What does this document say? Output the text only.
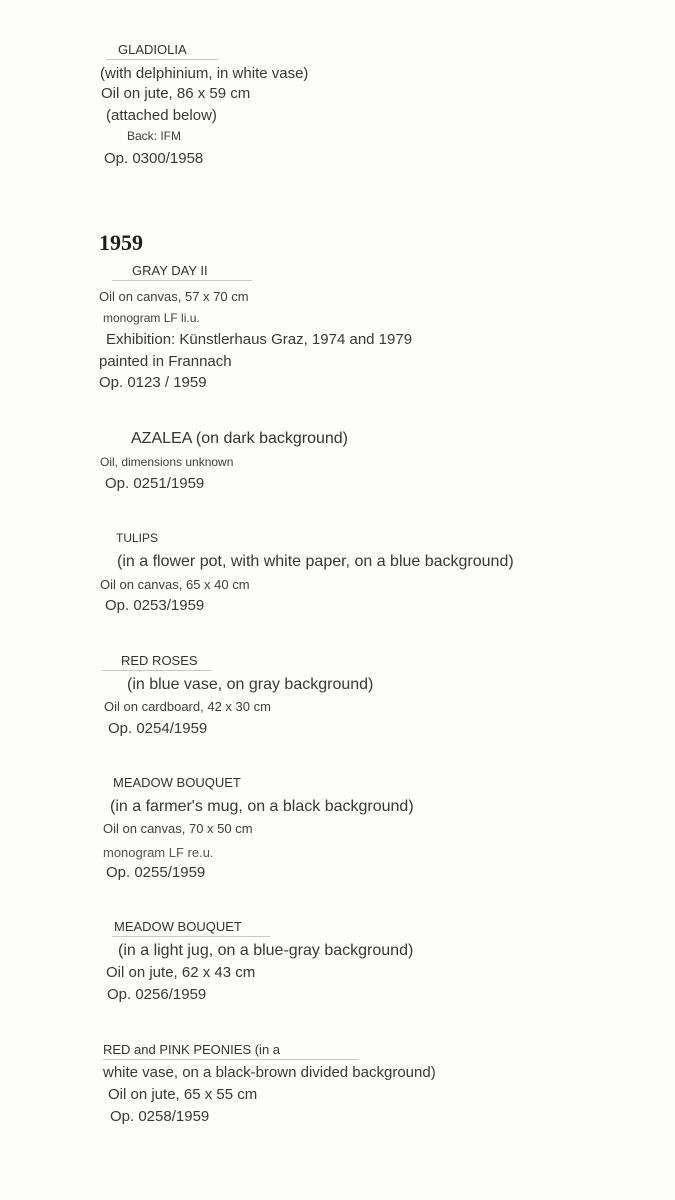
GLADIOLIA
(with delphinium, in white vase)
Oil on jute, 86 x 59 cm
(attached below)
Back: IFM
Op. 0300/1958
1959
GRAY DAY II
Oil on canvas, 57 x 70 cm
monogram LF li.u.
Exhibition: Künstlerhaus Graz, 1974 and 1979
painted in Frannach
Op. 0123 / 1959
AZALEA (on dark background)
Oil, dimensions unknown
Op. 0251/1959
TULIPS
(in a flower pot, with white paper, on a blue background)
Oil on canvas, 65 x 40 cm
Op. 0253/1959
RED ROSES
(in blue vase, on gray background)
Oil on cardboard, 42 x 30 cm
Op. 0254/1959
MEADOW BOUQUET
(in a farmer's mug, on a black background)
Oil on canvas, 70 x 50 cm
monogram LF re.u.
Op. 0255/1959
MEADOW BOUQUET
(in a light jug, on a blue-gray background)
Oil on jute, 62 x 43 cm
Op. 0256/1959
RED and PINK PEONIES (in a
white vase, on a black-brown divided background)
Oil on jute, 65 x 55 cm
Op. 0258/1959
